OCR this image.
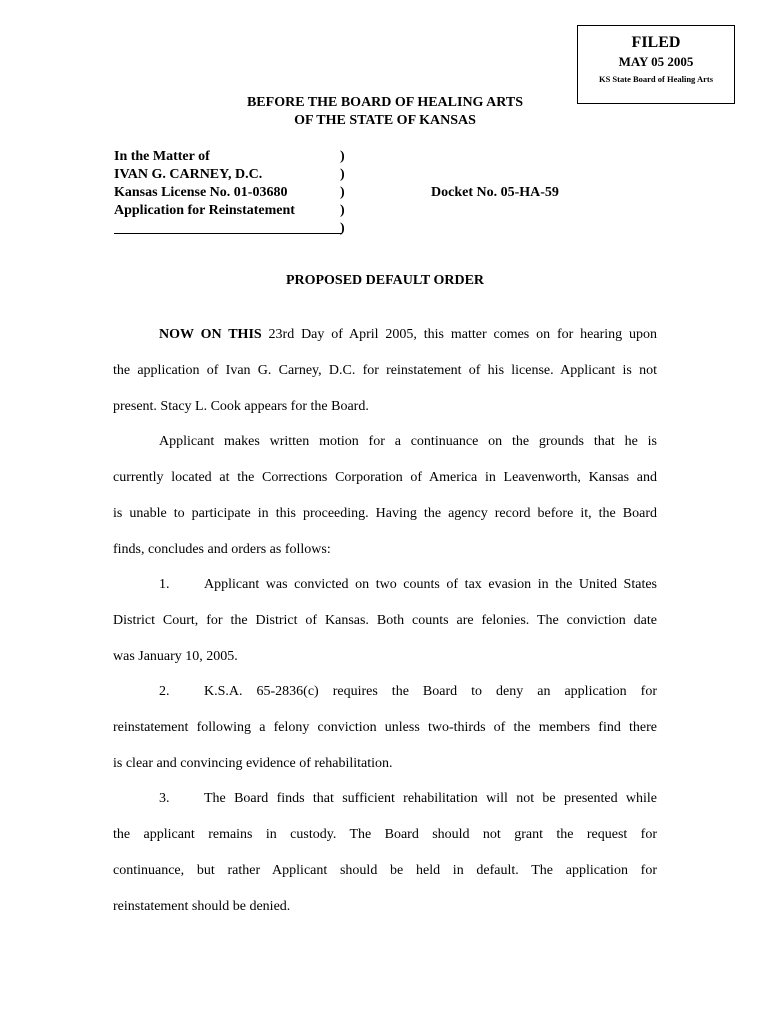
FILED
MAY 05 2005
KS State Board of Healing Arts
BEFORE THE BOARD OF HEALING ARTS
OF THE STATE OF KANSAS
In the Matter of	)
IVAN G. CARNEY, D.C.	)
Kansas License No. 01-03680	)	Docket No. 05-HA-59
Application for Reinstatement	)
)
PROPOSED DEFAULT ORDER
NOW ON THIS 23rd Day of April 2005, this matter comes on for hearing upon
the application of Ivan G. Carney, D.C. for reinstatement of his license. Applicant is not
present. Stacy L. Cook appears for the Board.
Applicant makes written motion for a continuance on the grounds that he is
currently located at the Corrections Corporation of America in Leavenworth, Kansas and
is unable to participate in this proceeding. Having the agency record before it, the Board
finds, concludes and orders as follows:
1.	Applicant was convicted on two counts of tax evasion in the United States
District Court, for the District of Kansas. Both counts are felonies. The conviction date
was January 10, 2005.
2.	K.S.A.  65-2836(c)  requires  the  Board  to  deny  an  application  for
reinstatement following a felony conviction unless two-thirds of the members find there
is clear and convincing evidence of rehabilitation.
3.	The Board finds that sufficient rehabilitation will not be presented while
the applicant remains in custody. The Board should not grant the request for
continuance, but rather Applicant should be held in default. The application for
reinstatement should be denied.
